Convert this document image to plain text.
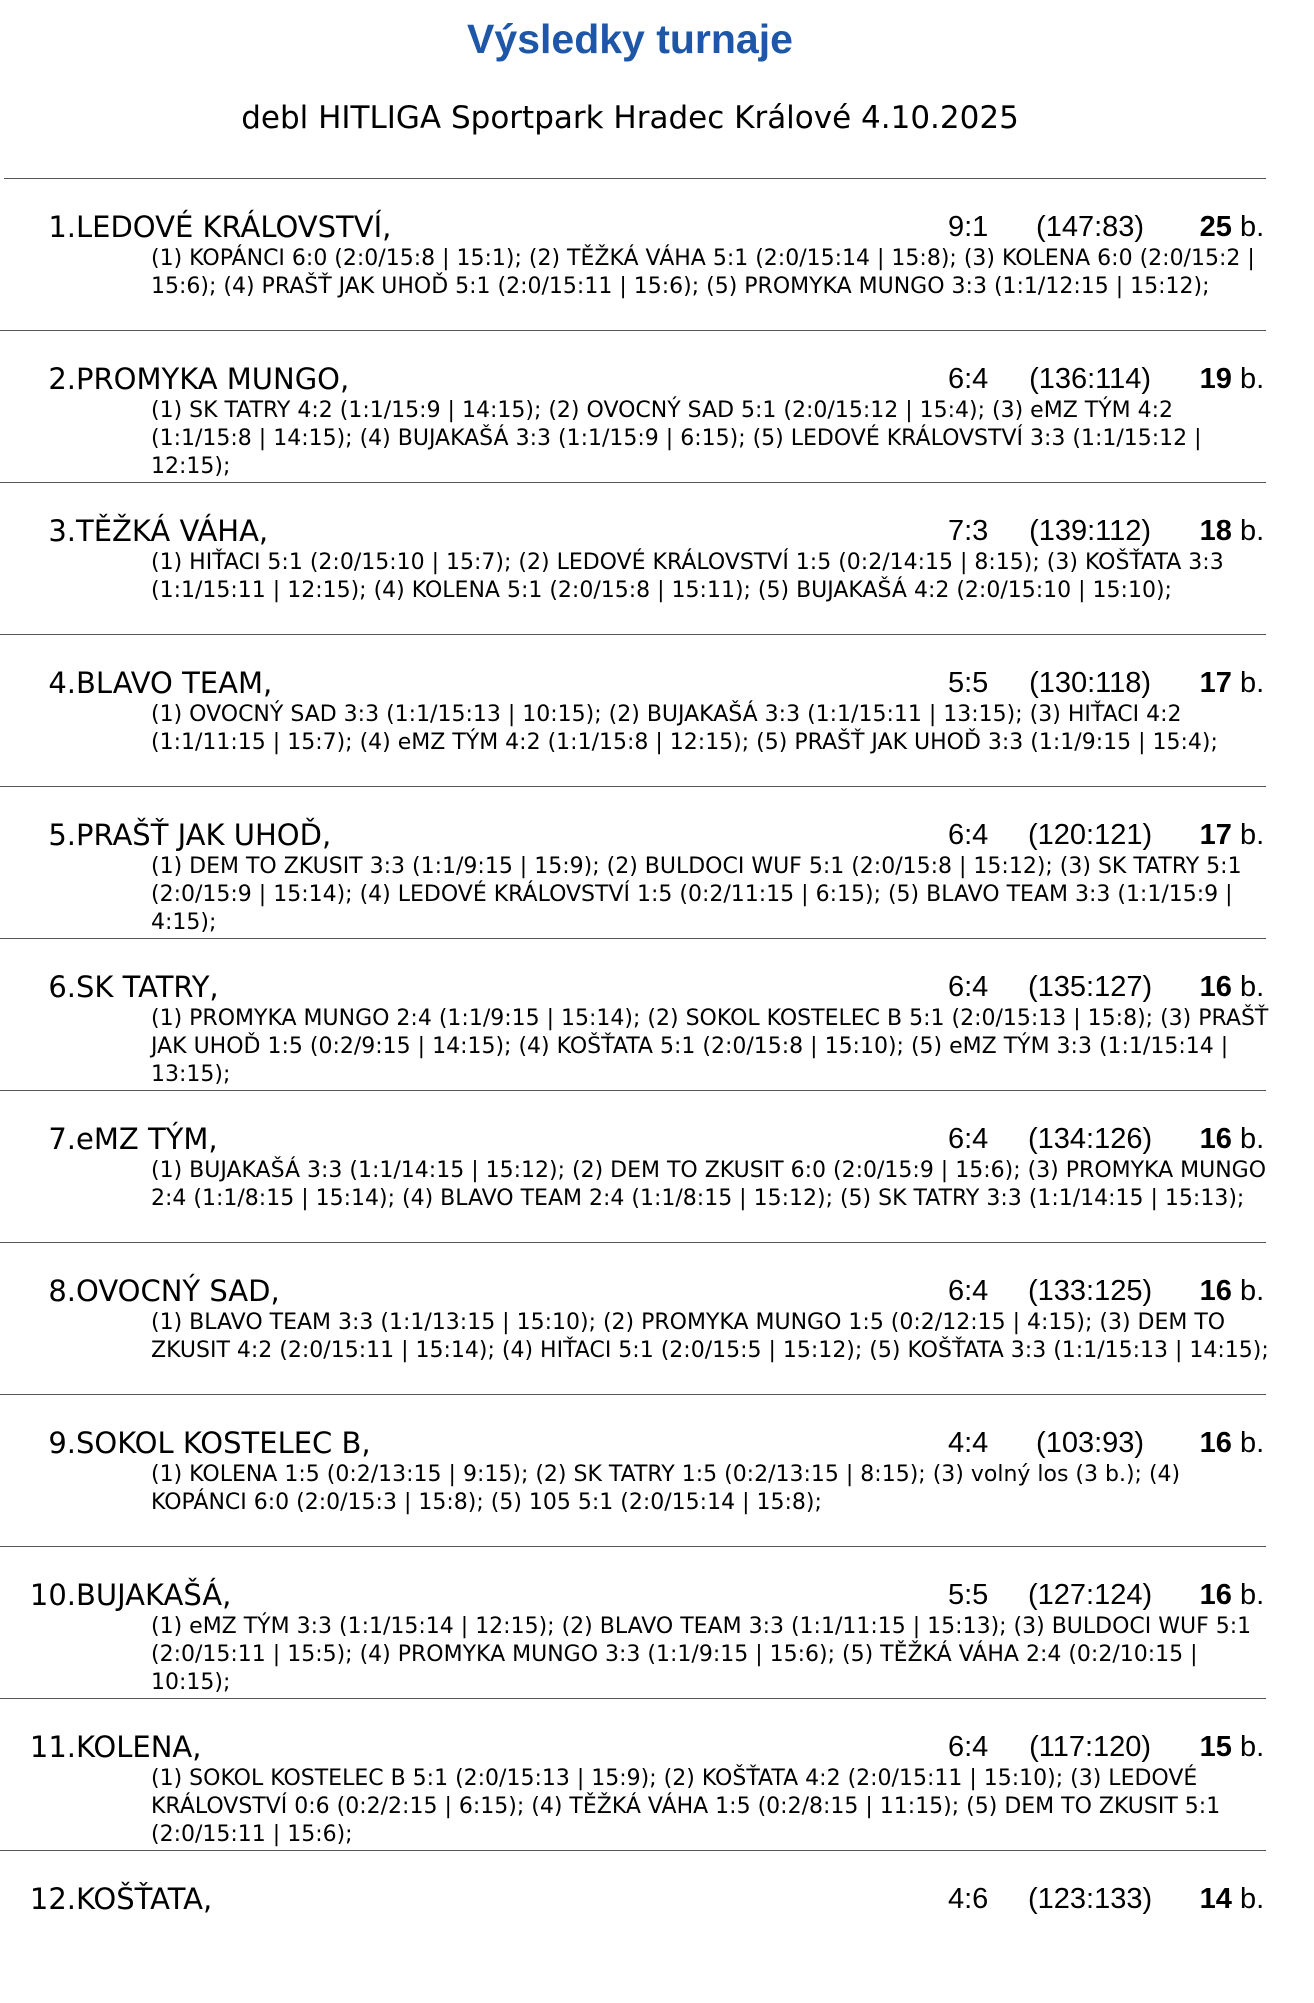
Výsledky turnaje
debl HITLIGA Sportpark Hradec Králové 4.10.2025
1. LEDOVÉ KRÁLOVSTVÍ,	9:1 (147:83) 25 b.
(1) KOPÁNCI 6:0 (2:0/15:8 | 15:1); (2) TĚŽKÁ VÁHA 5:1 (2:0/15:14 | 15:8); (3) KOLENA 6:0 (2:0/15:2 | 15:6); (4) PRAŠŤ JAK UHOĎ 5:1 (2:0/15:11 | 15:6); (5) PROMYKA MUNGO 3:3 (1:1/12:15 | 15:12);
2. PROMYKA MUNGO,	6:4 (136:114) 19 b.
(1) SK TATRY 4:2 (1:1/15:9 | 14:15); (2) OVOCNÝ SAD 5:1 (2:0/15:12 | 15:4); (3) eMZ TÝM 4:2 (1:1/15:8 | 14:15); (4) BUJAKAŠÁ 3:3 (1:1/15:9 | 6:15); (5) LEDOVÉ KRÁLOVSTVÍ 3:3 (1:1/15:12 | 12:15);
3. TĚŽKÁ VÁHA,	7:3 (139:112) 18 b.
(1) HIŤACI 5:1 (2:0/15:10 | 15:7); (2) LEDOVÉ KRÁLOVSTVÍ 1:5 (0:2/14:15 | 8:15); (3) KOŠŤATA 3:3 (1:1/15:11 | 12:15); (4) KOLENA 5:1 (2:0/15:8 | 15:11); (5) BUJAKAŠÁ 4:2 (2:0/15:10 | 15:10);
4. BLAVO TEAM,	5:5 (130:118) 17 b.
(1) OVOCNÝ SAD 3:3 (1:1/15:13 | 10:15); (2) BUJAKAŠÁ 3:3 (1:1/15:11 | 13:15); (3) HIŤACI 4:2 (1:1/11:15 | 15:7); (4) eMZ TÝM 4:2 (1:1/15:8 | 12:15); (5) PRAŠŤ JAK UHOĎ 3:3 (1:1/9:15 | 15:4);
5. PRAŠŤ JAK UHOĎ,	6:4 (120:121) 17 b.
(1) DEM TO ZKUSIT 3:3 (1:1/9:15 | 15:9); (2) BULDOCI WUF 5:1 (2:0/15:8 | 15:12); (3) SK TATRY 5:1 (2:0/15:9 | 15:14); (4) LEDOVÉ KRÁLOVSTVÍ 1:5 (0:2/11:15 | 6:15); (5) BLAVO TEAM 3:3 (1:1/15:9 | 4:15);
6. SK TATRY,	6:4 (135:127) 16 b.
(1) PROMYKA MUNGO 2:4 (1:1/9:15 | 15:14); (2) SOKOL KOSTELEC B 5:1 (2:0/15:13 | 15:8); (3) PRAŠŤ JAK UHOĎ 1:5 (0:2/9:15 | 14:15); (4) KOŠŤATA 5:1 (2:0/15:8 | 15:10); (5) eMZ TÝM 3:3 (1:1/15:14 | 13:15);
7. eMZ TÝM,	6:4 (134:126) 16 b.
(1) BUJAKAŠÁ 3:3 (1:1/14:15 | 15:12); (2) DEM TO ZKUSIT 6:0 (2:0/15:9 | 15:6); (3) PROMYKA MUNGO 2:4 (1:1/8:15 | 15:14); (4) BLAVO TEAM 2:4 (1:1/8:15 | 15:12); (5) SK TATRY 3:3 (1:1/14:15 | 15:13);
8. OVOCNÝ SAD,	6:4 (133:125) 16 b.
(1) BLAVO TEAM 3:3 (1:1/13:15 | 15:10); (2) PROMYKA MUNGO 1:5 (0:2/12:15 | 4:15); (3) DEM TO ZKUSIT 4:2 (2:0/15:11 | 15:14); (4) HIŤACI 5:1 (2:0/15:5 | 15:12); (5) KOŠŤATA 3:3 (1:1/15:13 | 14:15);
9. SOKOL KOSTELEC B,	4:4 (103:93) 16 b.
(1) KOLENA 1:5 (0:2/13:15 | 9:15); (2) SK TATRY 1:5 (0:2/13:15 | 8:15); (3) volný los (3 b.); (4) KOPÁNCI 6:0 (2:0/15:3 | 15:8); (5) 105 5:1 (2:0/15:14 | 15:8);
10. BUJAKAŠÁ,	5:5 (127:124) 16 b.
(1) eMZ TÝM 3:3 (1:1/15:14 | 12:15); (2) BLAVO TEAM 3:3 (1:1/11:15 | 15:13); (3) BULDOCI WUF 5:1 (2:0/15:11 | 15:5); (4) PROMYKA MUNGO 3:3 (1:1/9:15 | 15:6); (5) TĚŽKÁ VÁHA 2:4 (0:2/10:15 | 10:15);
11. KOLENA,	6:4 (117:120) 15 b.
(1) SOKOL KOSTELEC B 5:1 (2:0/15:13 | 15:9); (2) KOŠŤATA 4:2 (2:0/15:11 | 15:10); (3) LEDOVÉ KRÁLOVSTVÍ 0:6 (0:2/2:15 | 6:15); (4) TĚŽKÁ VÁHA 1:5 (0:2/8:15 | 11:15); (5) DEM TO ZKUSIT 5:1 (2:0/15:11 | 15:6);
12. KOŠŤATA,	4:6 (123:133) 14 b.
